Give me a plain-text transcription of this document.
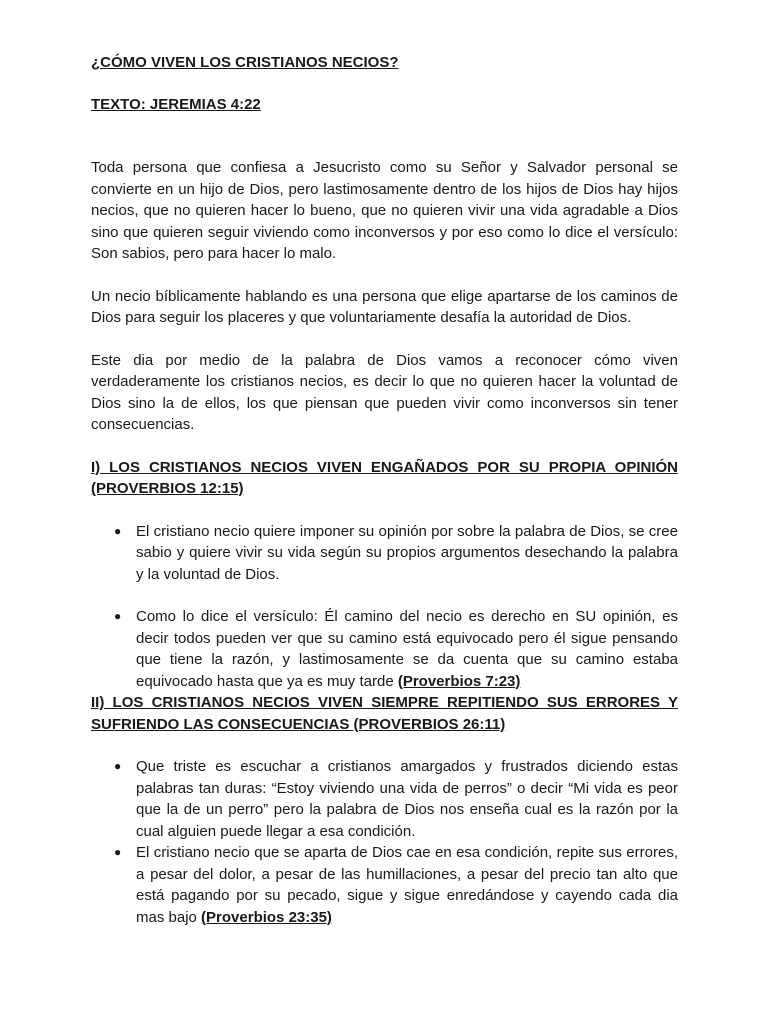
¿CÓMO VIVEN LOS CRISTIANOS NECIOS?

TEXTO: JEREMIAS 4:22

Toda persona que confiesa a Jesucristo como su Señor y Salvador personal se convierte en un hijo de Dios, pero lastimosamente dentro de los hijos de Dios hay hijos necios, que no quieren hacer lo bueno, que no quieren vivir una vida agradable a Dios sino que quieren seguir viviendo como inconversos y por eso como lo dice el versículo: Son sabios, pero para hacer lo malo.

Un necio bíblicamente hablando es una persona que elige apartarse de los caminos de Dios para seguir los placeres y que voluntariamente desafía la autoridad de Dios.

Este dia por medio de la palabra de Dios vamos a reconocer cómo viven verdaderamente los cristianos necios, es decir lo que no quieren hacer la voluntad de Dios sino la de ellos, los que piensan que pueden vivir como inconversos sin tener consecuencias.

I) LOS CRISTIANOS NECIOS VIVEN ENGAÑADOS POR SU PROPIA OPINIÓN (PROVERBIOS 12:15)

● El cristiano necio quiere imponer su opinión por sobre la palabra de Dios, se cree sabio y quiere vivir su vida según su propios argumentos desechando la palabra y la voluntad de Dios.
● Como lo dice el versículo: Él camino del necio es derecho en SU opinión, es decir todos pueden ver que su camino está equivocado pero él sigue pensando que tiene la razón, y lastimosamente se da cuenta que su camino estaba equivocado hasta que ya es muy tarde (Proverbios 7:23)

II) LOS CRISTIANOS NECIOS VIVEN SIEMPRE REPITIENDO SUS ERRORES Y SUFRIENDO LAS CONSECUENCIAS (PROVERBIOS 26:11)

● Que triste es escuchar a cristianos amargados y frustrados diciendo estas palabras tan duras: “Estoy viviendo una vida de perros” o decir “Mi vida es peor que la de un perro” pero la palabra de Dios nos enseña cual es la razón por la cual alguien puede llegar a esa condición.
● El cristiano necio que se aparta de Dios cae en esa condición, repite sus errores, a pesar del dolor, a pesar de las humillaciones, a pesar del precio tan alto que está pagando por su pecado, sigue y sigue enredándose y cayendo cada dia mas bajo (Proverbios 23:35)
